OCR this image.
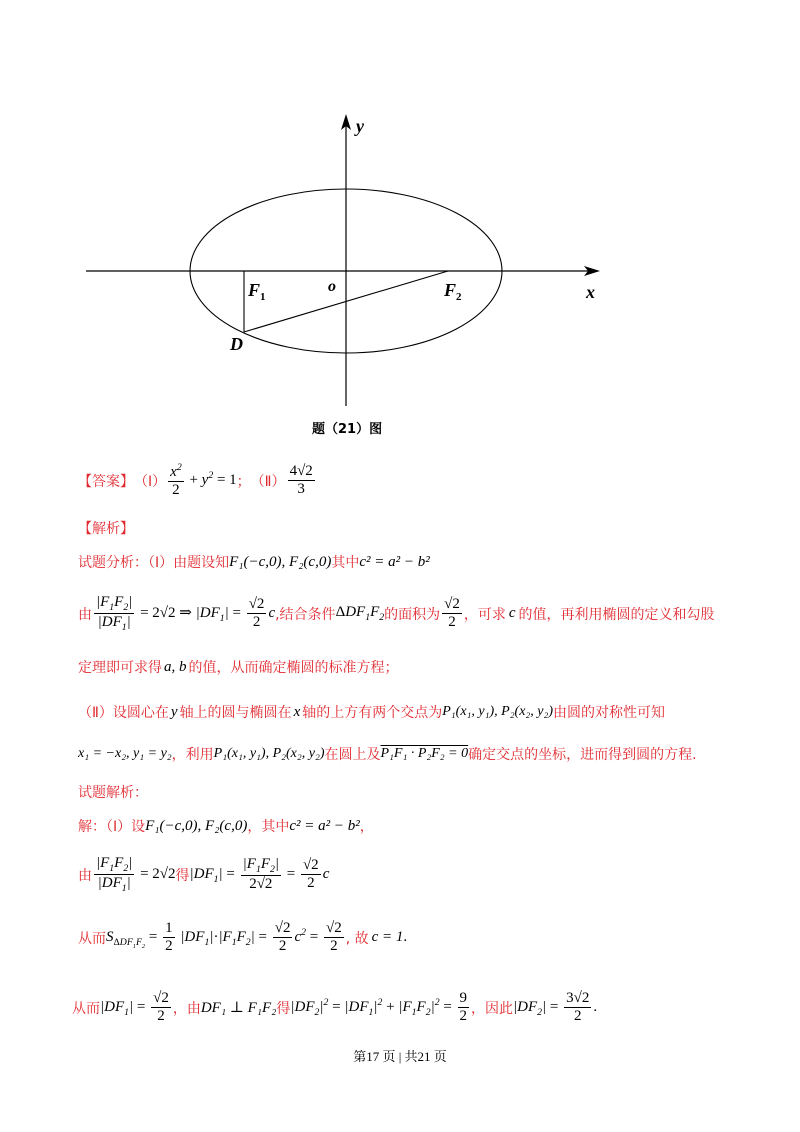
y
x
o
$F_1$	$F_2$
D
题（21）图
【答案】 （Ⅰ） $\frac{x^2}{2} + y^2 = 1$ ； （Ⅱ） $\frac{4√2}{3}$
【解析】
试题分析：（Ⅰ）由题设知 F₁(−c,0), F₂(c,0) 其中 c² = a² − b²
由 $\frac{|F_1F_2|}{|DF_1|} = 2√2$ ⇒ $|DF_1| = \frac{√2}{2}$ c ,结合条件 $\Delta DF_1F_2$ 的面积为 $\frac{√2}{2}$ ，可求 c 的值，再利用椭圆的定义和勾股
定理即可求得 a, b 的值，从而确定椭圆的标准方程；
（Ⅱ）设圆心在 y 轴上的圆与椭圆在 x 轴的上方有两个交点为 P₁(x₁, y₁), P₂(x₂, y₂) 由圆的对称性可知
x₁ = −x₂, y₁ = y₂ ，利用 P₁(x₁, y₁), P₂(x₂, y₂) 在圆上及 P₁F₁ · P₂F₂ = 0 确定交点的坐标，进而得到圆的方程.
试题解析：
解：（Ⅰ）设 F₁(−c,0), F₂(c,0) ，其中 c² = a² − b² ，
由 $\frac{|F_1F_2|}{|DF_1|} = 2√2$ 得 $|DF_1| = \frac{|F_1F_2|}{2√2} = \frac{√2}{2}$ c
从而 $S_{\Delta DF_1F_2} = \frac{1}{2} |DF_1|\cdot|F_1F_2| = \frac{√2}{2} c^2 = \frac{√2}{2}$ , 故 c = 1 .
从而 $|DF_1| = \frac{√2}{2}$ ，由 DF₁ ⊥ F₁F₂ 得 $|DF_2|^2 = |DF_1|^2 + |F_1F_2|^2 = \frac{9}{2}$ ，因此 $|DF_2| = \frac{3√2}{2}$ .
第17 页 | 共21 页
